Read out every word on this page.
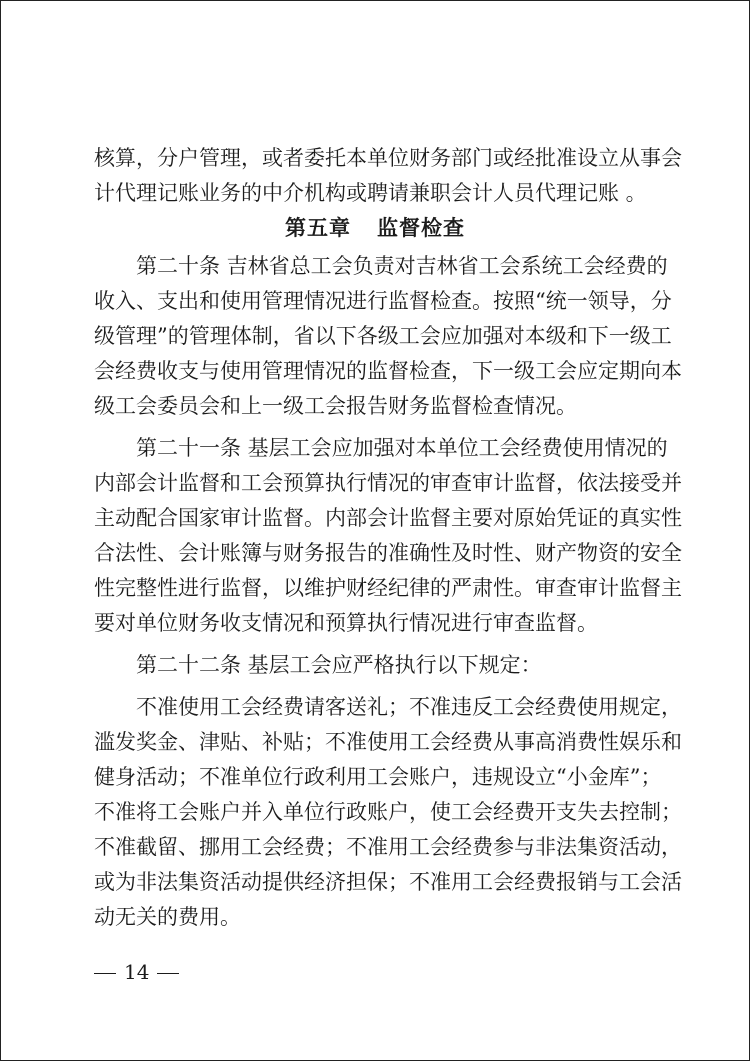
核算，分户管理，或者委托本单位财务部门或经批准设立从事会
计代理记账业务的中介机构或聘请兼职会计人员代理记账 。
第五章 监督检查
第二十条 吉林省总工会负责对吉林省工会系统工会经费的
收入、支出和使用管理情况进行监督检查。按照“统一领导，分
级管理”的管理体制，省以下各级工会应加强对本级和下一级工
会经费收支与使用管理情况的监督检查，下一级工会应定期向本
级工会委员会和上一级工会报告财务监督检查情况。
第二十一条 基层工会应加强对本单位工会经费使用情况的
内部会计监督和工会预算执行情况的审查审计监督，依法接受并
主动配合国家审计监督。内部会计监督主要对原始凭证的真实性
合法性、会计账簿与财务报告的准确性及时性、财产物资的安全
性完整性进行监督，以维护财经纪律的严肃性。审查审计监督主
要对单位财务收支情况和预算执行情况进行审查监督。
第二十二条 基层工会应严格执行以下规定：
不准使用工会经费请客送礼；不准违反工会经费使用规定，
滥发奖金、津贴、补贴；不准使用工会经费从事高消费性娱乐和
健身活动；不准单位行政利用工会账户，违规设立“小金库”；
不准将工会账户并入单位行政账户，使工会经费开支失去控制；
不准截留、挪用工会经费；不准用工会经费参与非法集资活动，
或为非法集资活动提供经济担保；不准用工会经费报销与工会活
动无关的费用。
14
